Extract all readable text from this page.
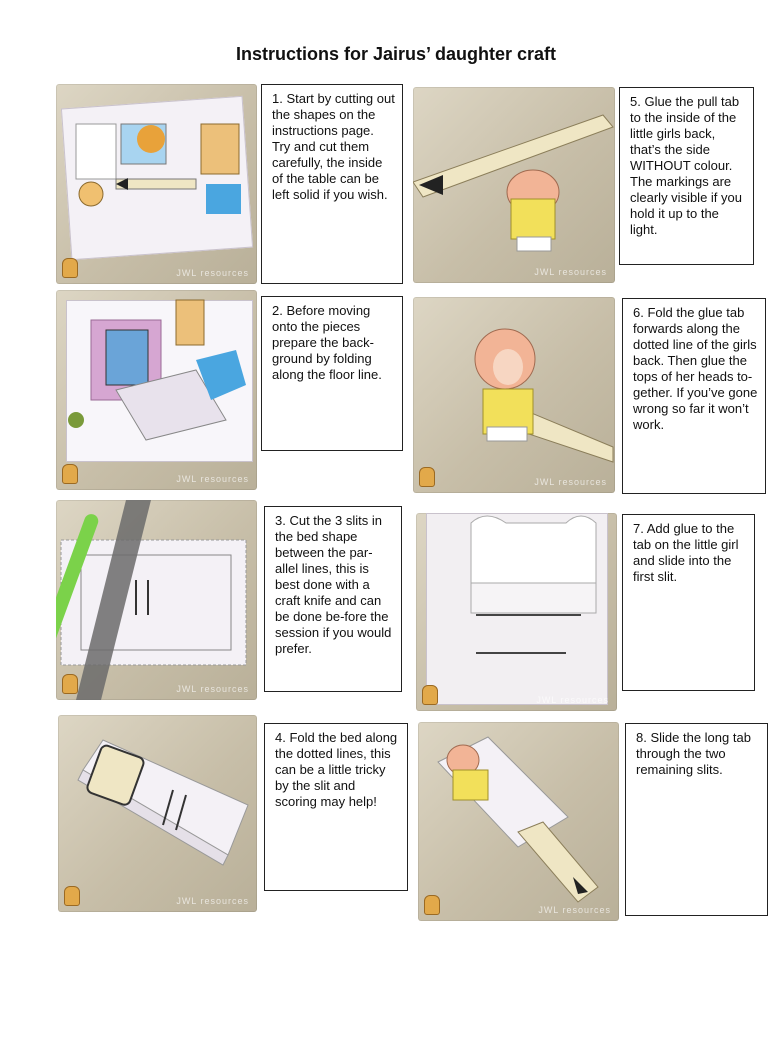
Instructions for Jairus’ daughter craft
JWL resources

1. Start by cutting out the shapes on the instructions page. Try and cut them carefully, the inside of the table can be left solid if you wish.

JWL resources

5. Glue the pull tab to the inside of the little girls back, that’s the side WITHOUT colour. The markings are clearly visible if you hold it up to the light.

JWL resources

2. Before moving onto the pieces prepare the back-ground by folding along the floor line.

JWL resources

6. Fold the glue tab forwards along the dotted line of the girls back. Then glue the tops of her heads to-gether. If you’ve gone wrong so far it won’t work.

JWL resources

3. Cut the 3 slits in the bed shape between the par-allel lines, this is best done with a craft knife and can be done be-fore the session if you would prefer.

JWL resources

7. Add glue to the tab on the little girl and slide into the first slit.

JWL resources

4. Fold the bed along the dotted lines, this can be a little tricky by the slit and scoring may help!

JWL resources

8. Slide the long tab through the two remaining slits.
